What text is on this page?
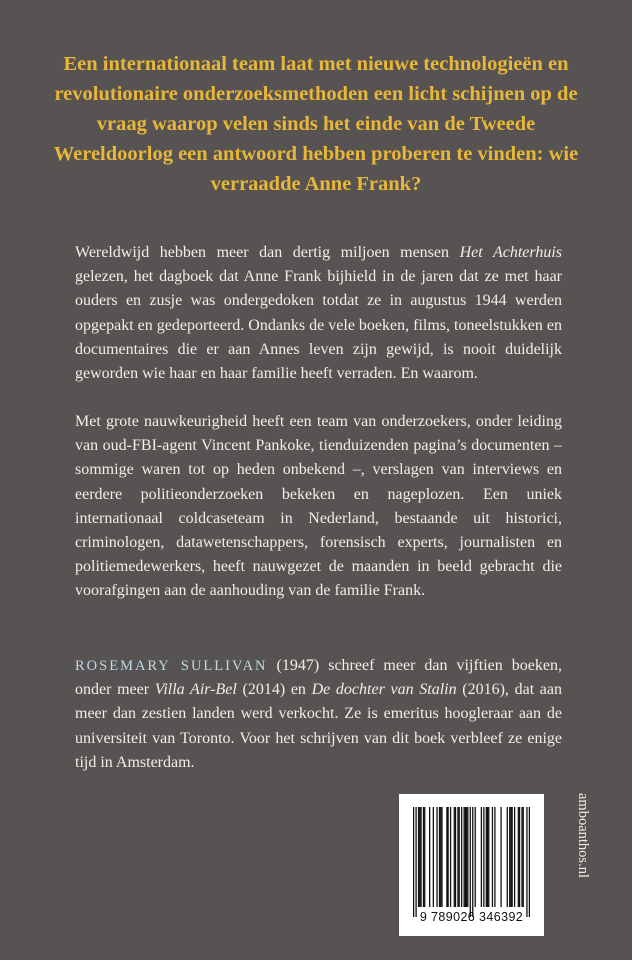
Een internationaal team laat met nieuwe technologieën en revolutionaire onderzoeksmethoden een licht schijnen op de vraag waarop velen sinds het einde van de Tweede Wereldoorlog een antwoord hebben proberen te vinden: wie verraadde Anne Frank?

Wereldwijd hebben meer dan dertig miljoen mensen Het Achterhuis gelezen, het dagboek dat Anne Frank bijhield in de jaren dat ze met haar ouders en zusje was ondergedoken totdat ze in augustus 1944 werden opgepakt en gedeporteerd. Ondanks de vele boeken, films, toneelstukken en documentaires die er aan Annes leven zijn gewijd, is nooit duidelijk geworden wie haar en haar familie heeft verraden. En waarom.

Met grote nauwkeurigheid heeft een team van onderzoekers, onder leiding van oud-FBI-agent Vincent Pankoke, tienduizenden pagina’s documenten – sommige waren tot op heden onbekend –, verslagen van interviews en eerdere politieonderzoeken bekeken en nageplozen. Een uniek internationaal coldcaseteam in Nederland, bestaande uit historici, criminologen, datawetenschappers, forensisch experts, journalisten en politiemedewerkers, heeft nauwgezet de maanden in beeld gebracht die voorafgingen aan de aanhouding van de familie Frank.

ROSEMARY SULLIVAN (1947) schreef meer dan vijftien boeken, onder meer Villa Air-Bel (2014) en De dochter van Stalin (2016), dat aan meer dan zestien landen werd verkocht. Ze is emeritus hoogleraar aan de universiteit van Toronto. Voor het schrijven van dit boek verbleef ze enige tijd in Amsterdam.

9 789026 346392
amboanthos.nl
